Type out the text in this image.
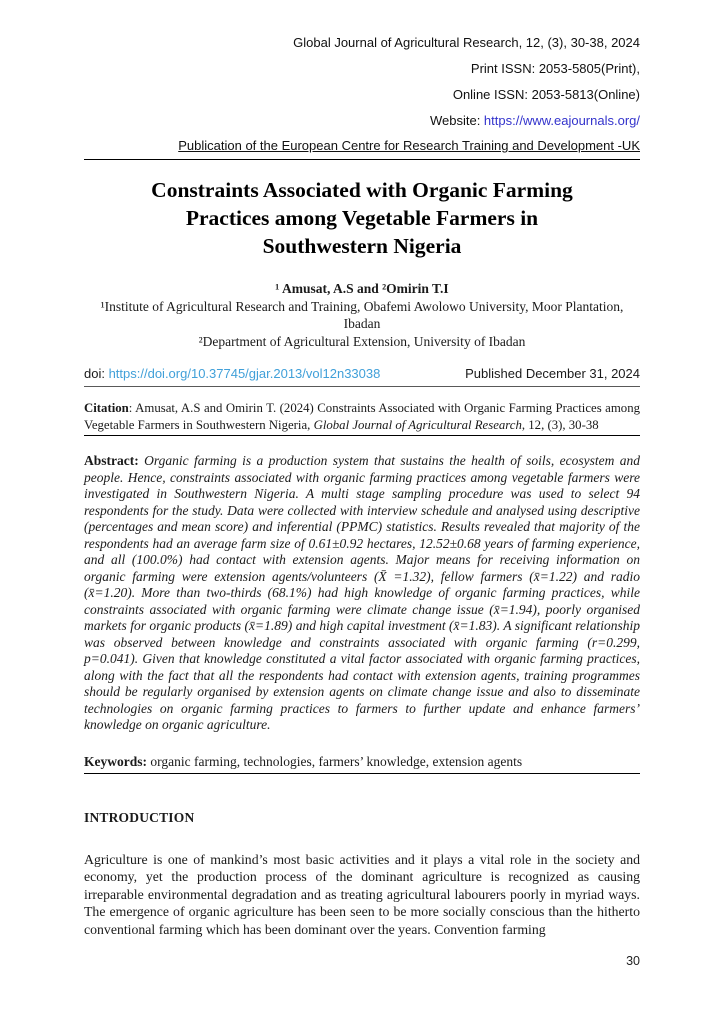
Global Journal of Agricultural Research, 12, (3), 30-38, 2024
Print ISSN: 2053-5805(Print),
Online ISSN: 2053-5813(Online)
Website: https://www.eajournals.org/
Publication of the European Centre for Research Training and Development -UK
Constraints Associated with Organic Farming
Practices among Vegetable Farmers in
Southwestern Nigeria
¹ Amusat, A.S and ²Omirin T.I
¹Institute of Agricultural Research and Training, Obafemi Awolowo University, Moor Plantation, Ibadan
²Department of Agricultural Extension, University of Ibadan
doi: https://doi.org/10.37745/gjar.2013/vol12n33038	Published December 31, 2024

Citation: Amusat, A.S and Omirin T. (2024) Constraints Associated with Organic Farming Practices among Vegetable Farmers in Southwestern Nigeria, Global Journal of Agricultural Research, 12, (3), 30-38

Abstract: Organic farming is a production system that sustains the health of soils, ecosystem and people. Hence, constraints associated with organic farming practices among vegetable farmers were investigated in Southwestern Nigeria. A multi stage sampling procedure was used to select 94 respondents for the study. Data were collected with interview schedule and analysed using descriptive (percentages and mean score) and inferential (PPMC) statistics. Results revealed that majority of the respondents had an average farm size of 0.61±0.92 hectares, 12.52±0.68 years of farming experience, and all (100.0%) had contact with extension agents. Major means for receiving information on organic farming were extension agents/volunteers (X̄ =1.32), fellow farmers (x̄=1.22) and radio (x̄=1.20). More than two-thirds (68.1%) had high knowledge of organic farming practices, while constraints associated with organic farming were climate change issue (x̄=1.94), poorly organised markets for organic products (x̄=1.89) and high capital investment (x̄=1.83). A significant relationship was observed between knowledge and constraints associated with organic farming (r=0.299, p=0.041). Given that knowledge constituted a vital factor associated with organic farming practices, along with the fact that all the respondents had contact with extension agents, training programmes should be regularly organised by extension agents on climate change issue and also to disseminate technologies on organic farming practices to farmers to further update and enhance farmers’ knowledge on organic agriculture.

Keywords: organic farming, technologies, farmers’ knowledge, extension agents

INTRODUCTION

Agriculture is one of mankind’s most basic activities and it plays a vital role in the society and economy, yet the production process of the dominant agriculture is recognized as causing irreparable environmental degradation and as treating agricultural labourers poorly in myriad ways. The emergence of organic agriculture has been seen to be more socially conscious than the hitherto conventional farming which has been dominant over the years. Convention farming

30
